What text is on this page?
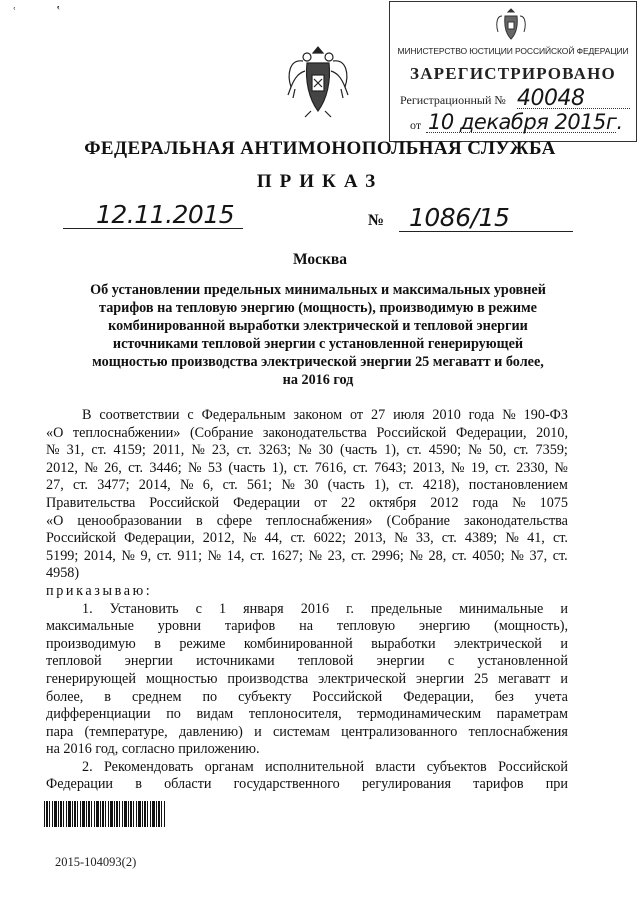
ʿ	ʽ
МИНИСТЕРСТВО ЮСТИЦИИ РОССИЙСКОЙ ФЕДЕРАЦИИ
ЗАРЕГИСТРИРОВАНО
Регистрационный № 40048
от 10 декабря 2015г.
ФЕДЕРАЛЬНАЯ АНТИМОНОПОЛЬНАЯ СЛУЖБА
ПРИКАЗ
12.11.2015	№ 1086/15
Москва
Об установлении предельных минимальных и максимальных уровней
тарифов на тепловую энергию (мощность), производимую в режиме
комбинированной выработки электрической и тепловой энергии
источниками тепловой энергии с установленной генерирующей
мощностью производства электрической энергии 25 мегаватт и более,
на 2016 год
В соответствии с Федеральным законом от 27 июля 2010 года № 190-ФЗ
«О теплоснабжении» (Собрание законодательства Российской Федерации, 2010,
№ 31, ст. 4159; 2011, № 23, ст. 3263; № 30 (часть 1), ст. 4590; № 50, ст. 7359;
2012, № 26, ст. 3446; № 53 (часть 1), ст. 7616, ст. 7643; 2013, № 19, ст. 2330, №
27, ст. 3477; 2014, № 6, ст. 561; № 30 (часть 1), ст. 4218), постановлением
Правительства Российской Федерации от 22 октября 2012 года № 1075
«О ценообразовании в сфере теплоснабжения» (Собрание законодательства
Российской Федерации, 2012, № 44, ст. 6022; 2013, № 33, ст. 4389; № 41, ст.
5199; 2014, № 9, ст. 911; № 14, ст. 1627; № 23, ст. 2996; № 28, ст. 4050; № 37, ст.
4958)
приказываю:
1. Установить с 1 января 2016 г. предельные минимальные и
максимальные уровни тарифов на тепловую энергию (мощность),
производимую в режиме комбинированной выработки электрической и
тепловой энергии источниками тепловой энергии с установленной
генерирующей мощностью производства электрической энергии 25 мегаватт и
более, в среднем по субъекту Российской Федерации, без учета
дифференциации по видам теплоносителя, термодинамическим параметрам
пара (температуре, давлению) и системам централизованного теплоснабжения
на 2016 год, согласно приложению.
2. Рекомендовать органам исполнительной власти субъектов Российской
Федерации в области государственного регулирования тарифов при
2015-104093(2)
